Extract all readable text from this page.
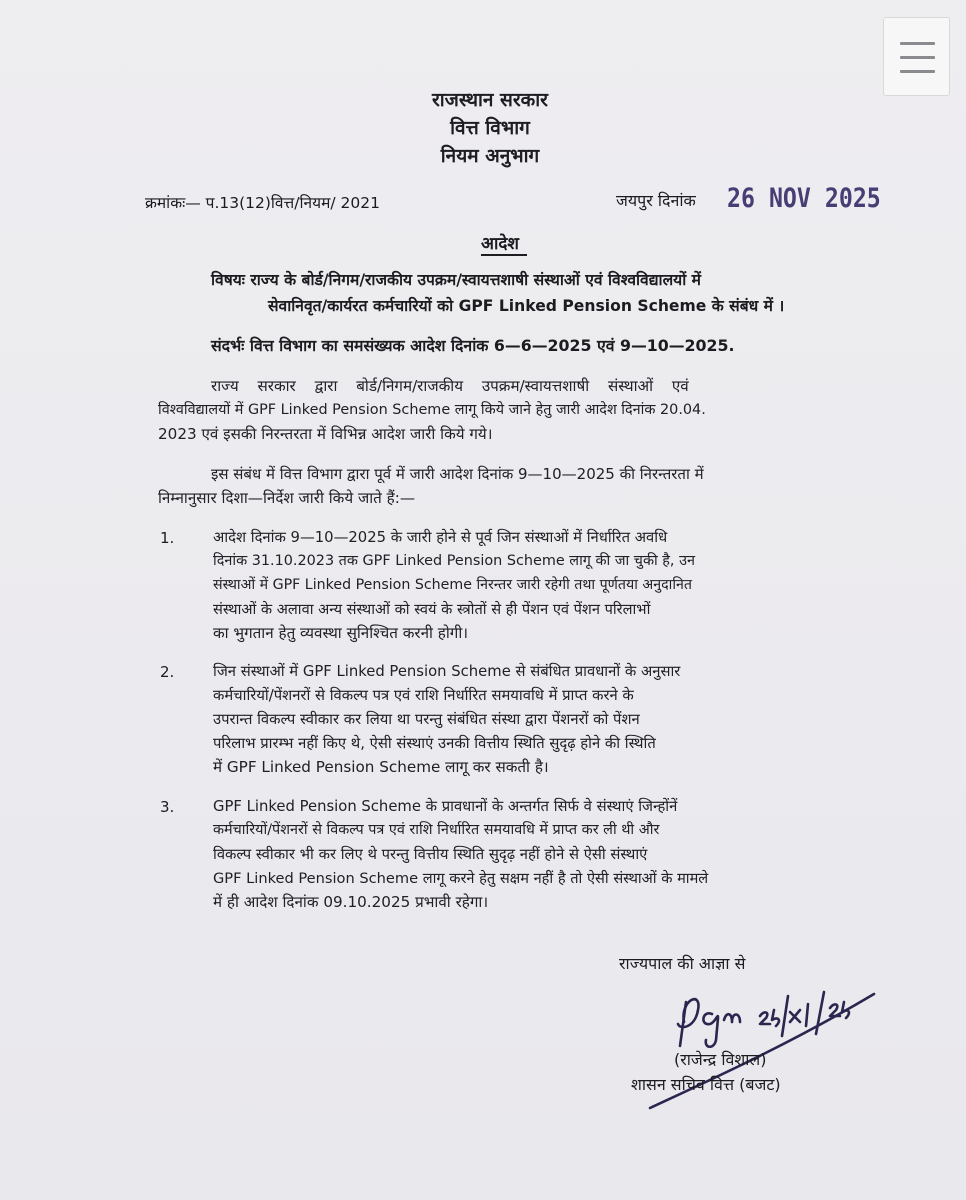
राजस्थान सरकार
वित्त विभाग
नियम अनुभाग
क्रमांकः— प.13(12)वित्त/नियम/ 2021	जयपुर दिनांक 26 NOV 2025
आदेश
विषयः राज्य के बोर्ड/निगम/राजकीय उपक्रम/स्वायत्तशाषी संस्थाओं एवं विश्वविद्यालयों में
सेवानिवृत/कार्यरत कर्मचारियों को GPF Linked Pension Scheme के संबंध में ।
संदर्भः वित्त विभाग का समसंख्यक आदेश दिनांक 6—6—2025 एवं 9—10—2025.
राज्य सरकार द्वारा बोर्ड/निगम/राजकीय उपक्रम/स्वायत्तशाषी संस्थाओं एवं
विश्वविद्यालयों में GPF Linked Pension Scheme लागू किये जाने हेतु जारी आदेश दिनांक 20.04.
2023 एवं इसकी निरन्तरता में विभिन्न आदेश जारी किये गये।
इस संबंध में वित्त विभाग द्वारा पूर्व में जारी आदेश दिनांक 9—10—2025 की निरन्तरता में
निम्नानुसार दिशा—निर्देश जारी किये जाते हैं:—
1.	आदेश दिनांक 9—10—2025 के जारी होने से पूर्व जिन संस्थाओं में निर्धारित अवधि
दिनांक 31.10.2023 तक GPF Linked Pension Scheme लागू की जा चुकी है, उन
संस्थाओं में GPF Linked Pension Scheme निरन्तर जारी रहेगी तथा पूर्णतया अनुदानित
संस्थाओं के अलावा अन्य संस्थाओं को स्वयं के स्त्रोतों से ही पेंशन एवं पेंशन परिलाभों
का भुगतान हेतु व्यवस्था सुनिश्चित करनी होगी।
2.	जिन संस्थाओं में GPF Linked Pension Scheme से संबंधित प्रावधानों के अनुसार
कर्मचारियों/पेंशनरों से विकल्प पत्र एवं राशि निर्धारित समयावधि में प्राप्त करने के
उपरान्त विकल्प स्वीकार कर लिया था परन्तु संबंधित संस्था द्वारा पेंशनरों को पेंशन
परिलाभ प्रारम्भ नहीं किए थे, ऐसी संस्थाएं उनकी वित्तीय स्थिति सुदृढ़ होने की स्थिति
में GPF Linked Pension Scheme लागू कर सकती है।
3.	GPF Linked Pension Scheme के प्रावधानों के अन्तर्गत सिर्फ वे संस्थाएं जिन्होंनें
कर्मचारियों/पेंशनरों से विकल्प पत्र एवं राशि निर्धारित समयावधि में प्राप्त कर ली थी और
विकल्प स्वीकार भी कर लिए थे परन्तु वित्तीय स्थिति सुदृढ़ नहीं होने से ऐसी संस्थाएं
GPF Linked Pension Scheme लागू करने हेतु सक्षम नहीं है तो ऐसी संस्थाओं के मामले
में ही आदेश दिनांक 09.10.2025 प्रभावी रहेगा।
राज्यपाल की आज्ञा से
(राजेन्द्र विशाल)
शासन सचिव वित्त (बजट)
